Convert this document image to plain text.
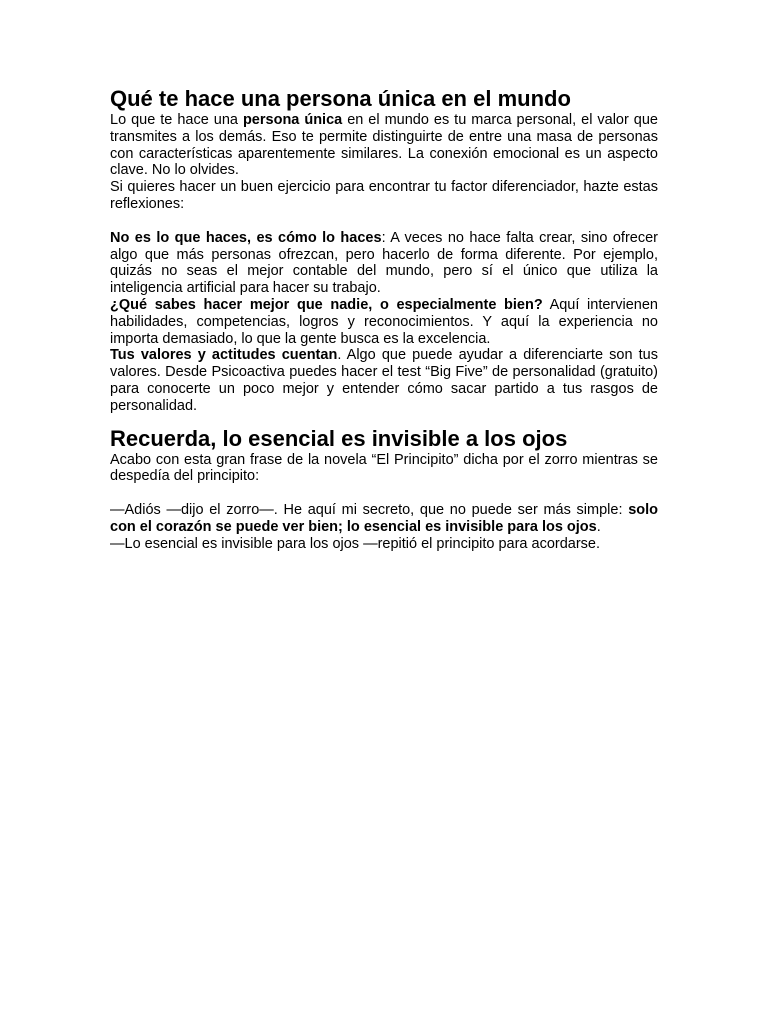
Qué te hace una persona única en el mundo

Lo que te hace una persona única en el mundo es tu marca personal, el valor que transmites a los demás. Eso te permite distinguirte de entre una masa de personas con características aparentemente similares. La conexión emocional es un aspecto clave. No lo olvides.

Si quieres hacer un buen ejercicio para encontrar tu factor diferenciador, hazte estas reflexiones:

No es lo que haces, es cómo lo haces: A veces no hace falta crear, sino ofrecer algo que más personas ofrezcan, pero hacerlo de forma diferente. Por ejemplo, quizás no seas el mejor contable del mundo, pero sí el único que utiliza la inteligencia artificial para hacer su trabajo.

¿Qué sabes hacer mejor que nadie, o especialmente bien? Aquí intervienen habilidades, competencias, logros y reconocimientos. Y aquí la experiencia no importa demasiado, lo que la gente busca es la excelencia.

Tus valores y actitudes cuentan. Algo que puede ayudar a diferenciarte son tus valores. Desde Psicoactiva puedes hacer el test “Big Five” de personalidad (gratuito) para conocerte un poco mejor y entender cómo sacar partido a tus rasgos de personalidad.

Recuerda, lo esencial es invisible a los ojos

Acabo con esta gran frase de la novela “El Principito” dicha por el zorro mientras se despedía del principito:

—Adiós —dijo el zorro—. He aquí mi secreto, que no puede ser más simple: solo con el corazón se puede ver bien; lo esencial es invisible para los ojos.

—Lo esencial es invisible para los ojos —repitió el principito para acordarse.
